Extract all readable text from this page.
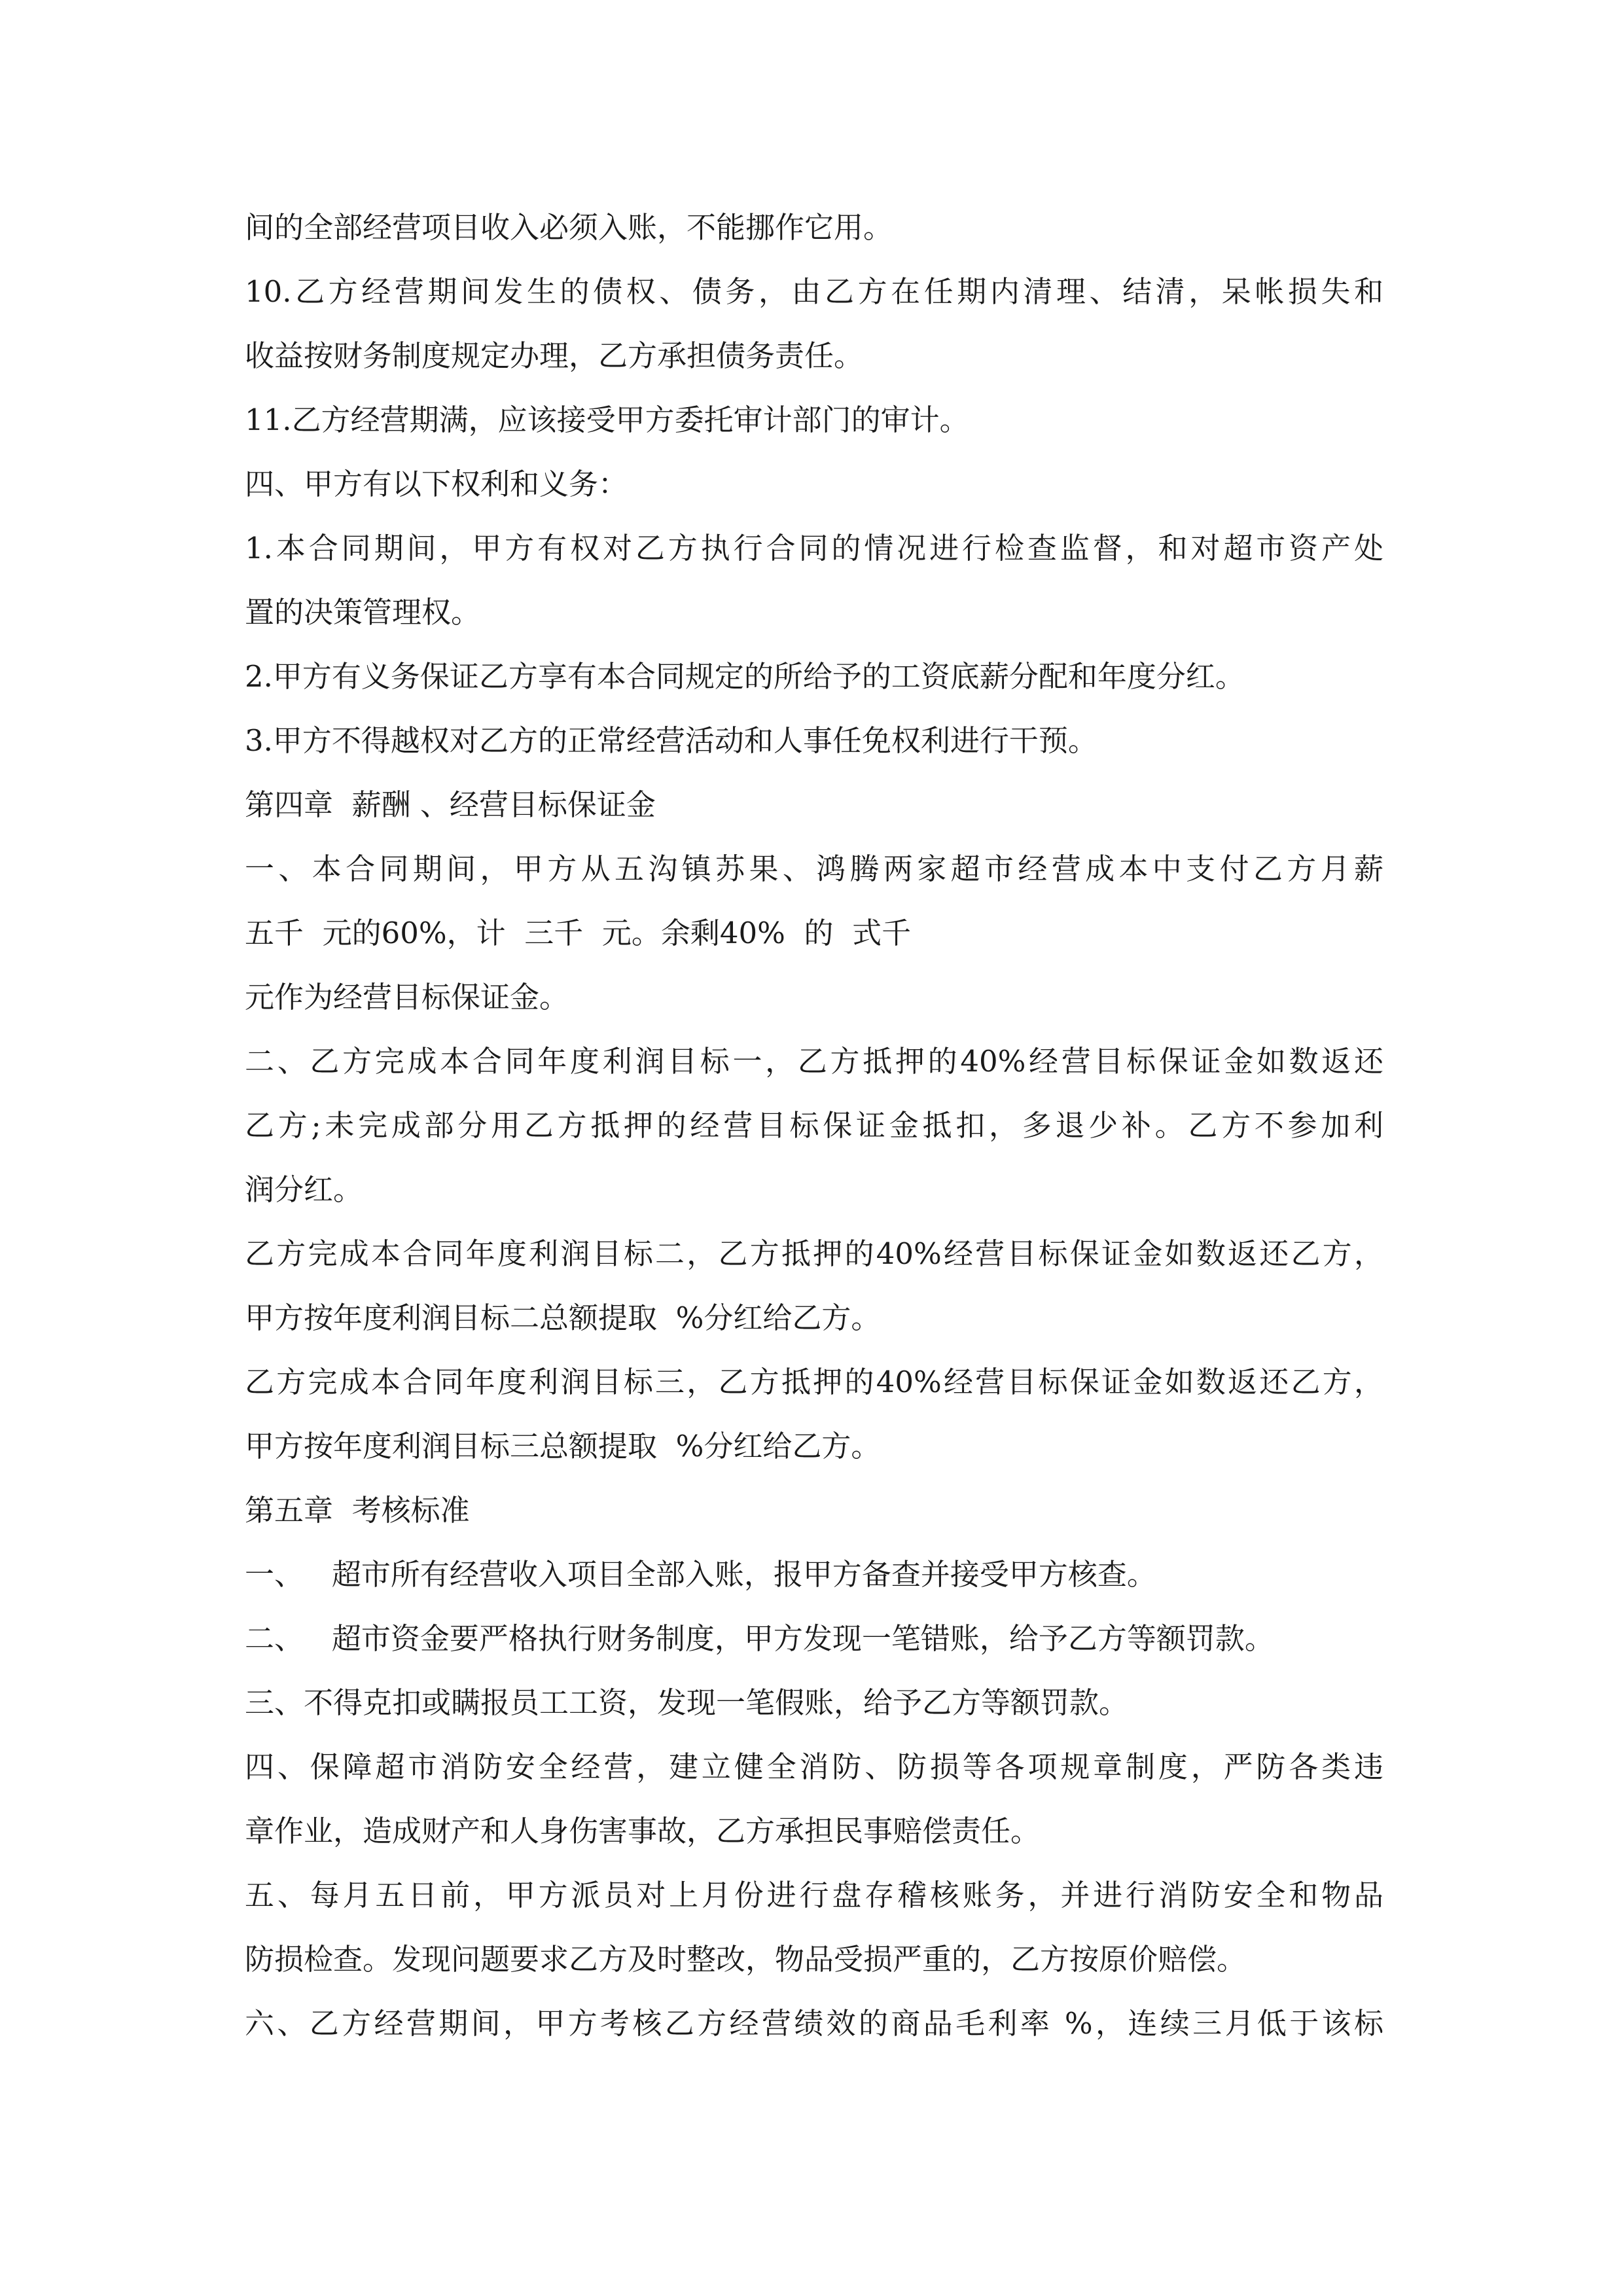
间的全部经营项目收入必须入账，不能挪作它用。
10.乙方经营期间发生的债权、债务，由乙方在任期内清理、结清，呆帐损失和
收益按财务制度规定办理，乙方承担债务责任。
11.乙方经营期满，应该接受甲方委托审计部门的审计。
四、甲方有以下权利和义务：
1.本合同期间，甲方有权对乙方执行合同的情况进行检查监督，和对超市资产处
置的决策管理权。
2.甲方有义务保证乙方享有本合同规定的所给予的工资底薪分配和年度分红。
3.甲方不得越权对乙方的正常经营活动和人事任免权利进行干预。
第四章  薪酬 、经营目标保证金
一、本合同期间，甲方从五沟镇苏果、鸿腾两家超市经营成本中支付乙方月薪
五千  元的60%，计  三千  元。余剩40%  的  式千
元作为经营目标保证金。
二、乙方完成本合同年度利润目标一，乙方抵押的40%经营目标保证金如数返还
乙方;未完成部分用乙方抵押的经营目标保证金抵扣，多退少补。乙方不参加利
润分红。
乙方完成本合同年度利润目标二，乙方抵押的40%经营目标保证金如数返还乙方，
甲方按年度利润目标二总额提取  %分红给乙方。
乙方完成本合同年度利润目标三，乙方抵押的40%经营目标保证金如数返还乙方，
甲方按年度利润目标三总额提取  %分红给乙方。
第五章  考核标准
一、   超市所有经营收入项目全部入账，报甲方备查并接受甲方核查。
二、   超市资金要严格执行财务制度，甲方发现一笔错账，给予乙方等额罚款。
三、不得克扣或瞒报员工工资，发现一笔假账，给予乙方等额罚款。
四、保障超市消防安全经营，建立健全消防、防损等各项规章制度，严防各类违
章作业，造成财产和人身伤害事故，乙方承担民事赔偿责任。
五、每月五日前，甲方派员对上月份进行盘存稽核账务，并进行消防安全和物品
防损检查。发现问题要求乙方及时整改，物品受损严重的，乙方按原价赔偿。
六、乙方经营期间，甲方考核乙方经营绩效的商品毛利率 %，连续三月低于该标
